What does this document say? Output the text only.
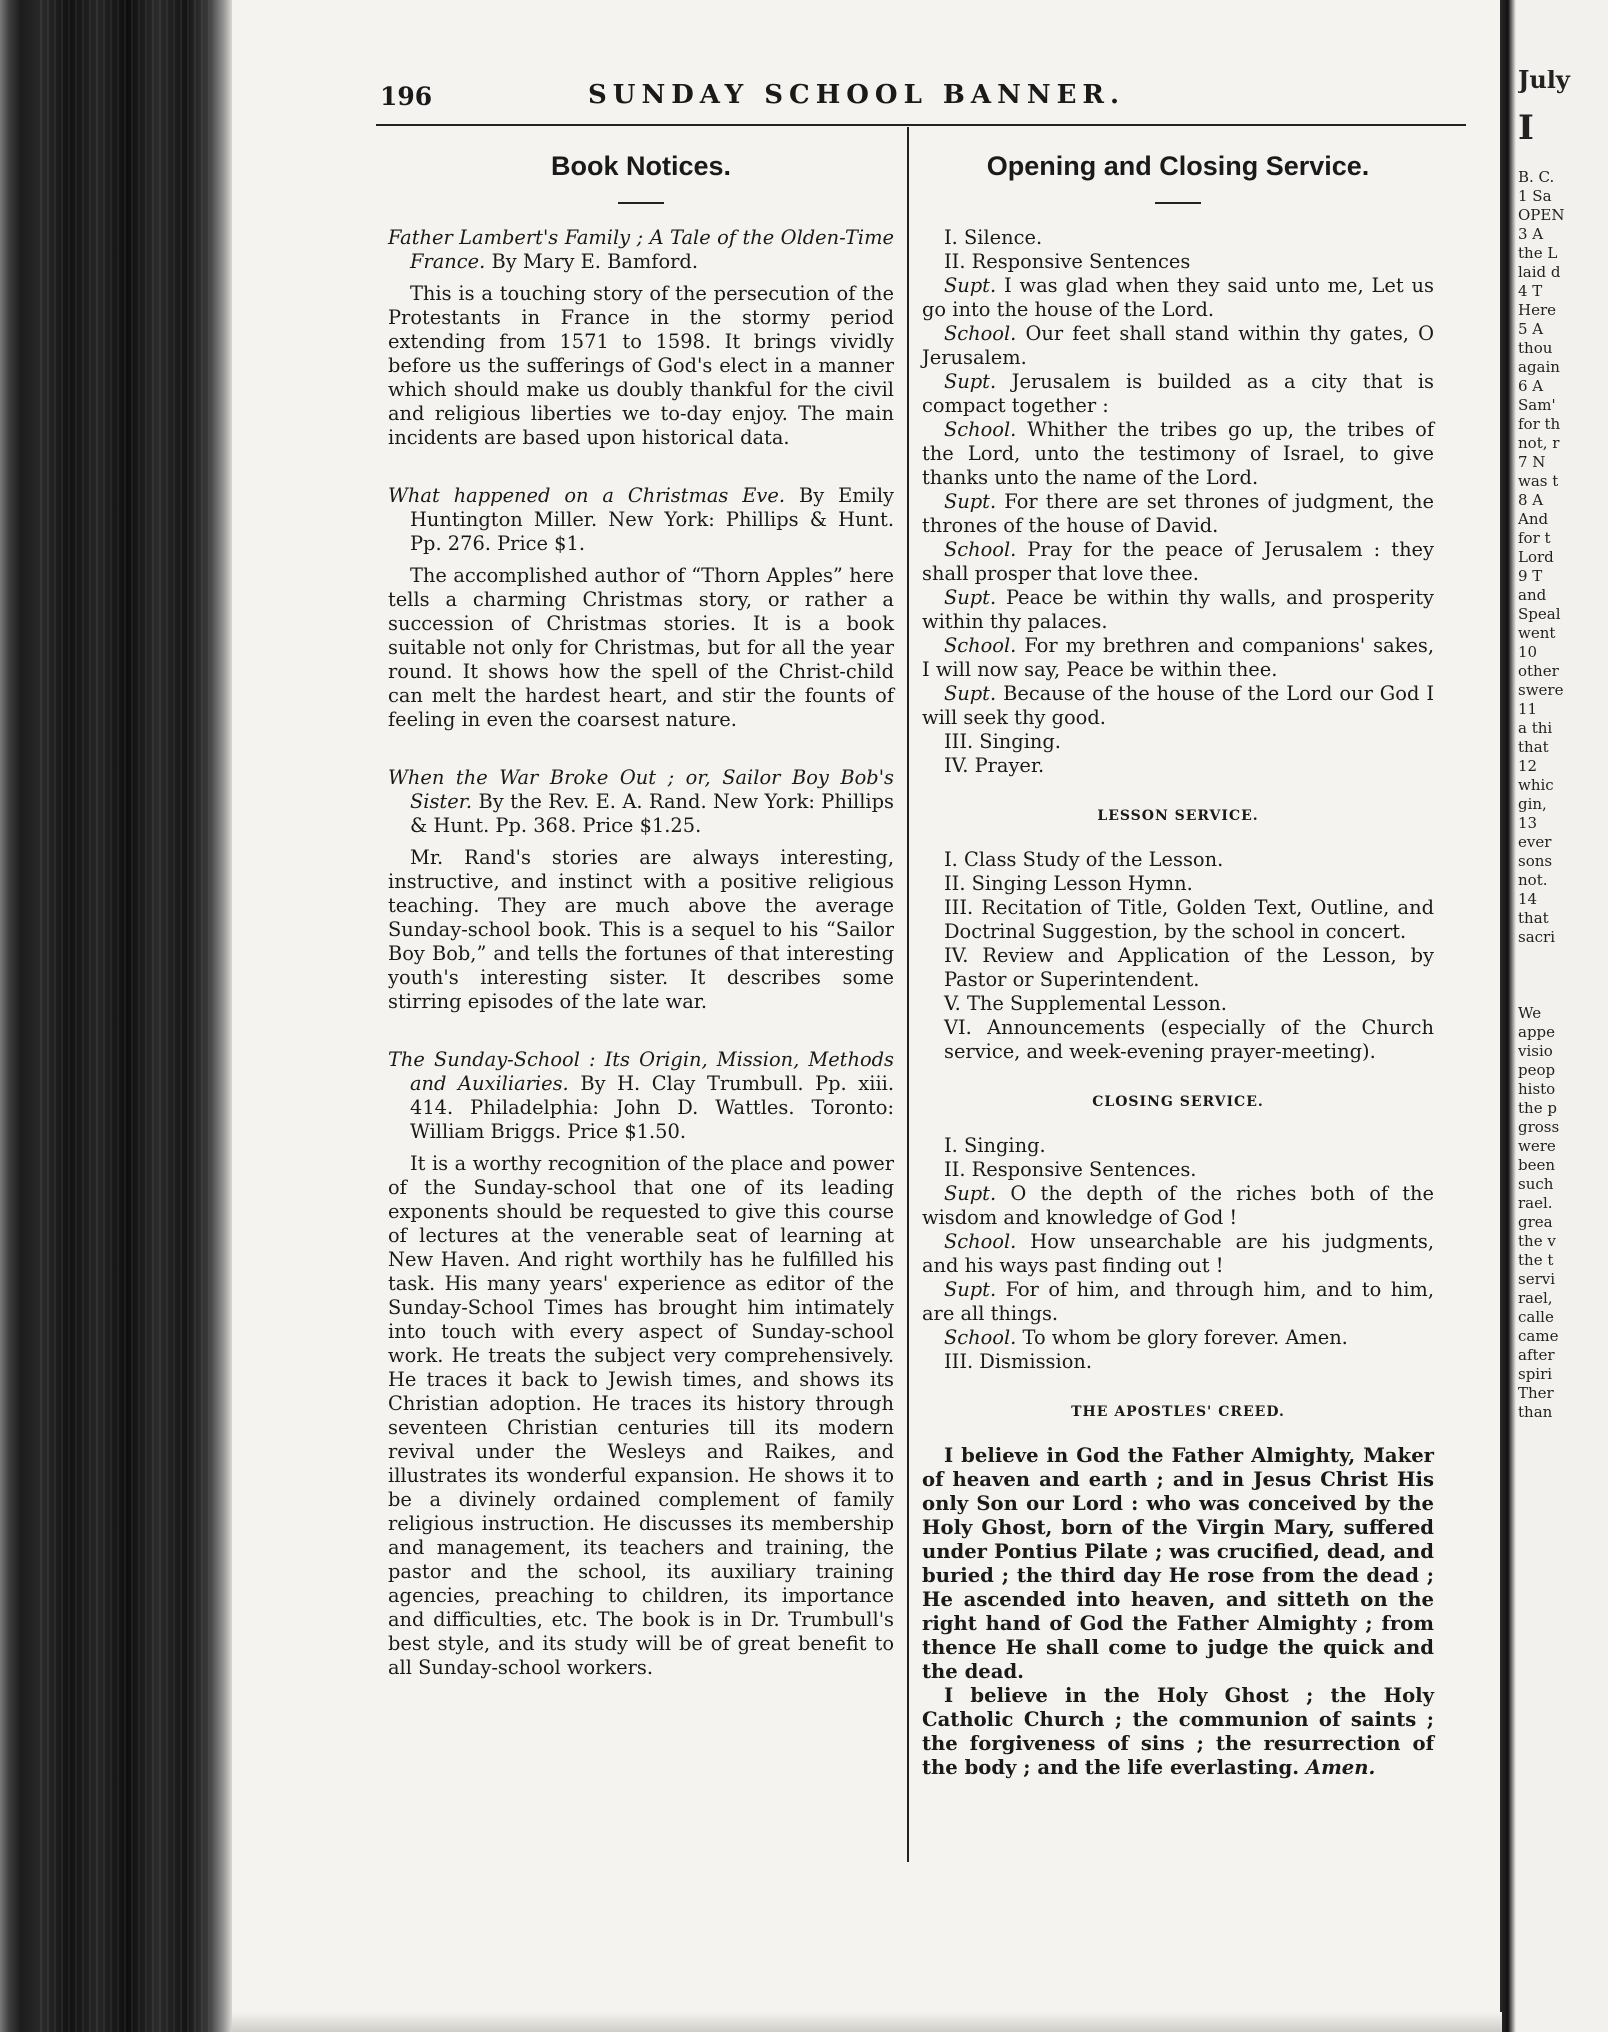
196	SUNDAY SCHOOL BANNER.
Book Notices.

Father Lambert's Family ; A Tale of the Olden-Time France. By Mary E. Bamford.

This is a touching story of the persecution of the Protestants in France in the stormy period extending from 1571 to 1598. It brings vividly before us the sufferings of God's elect in a manner which should make us doubly thankful for the civil and religious liberties we to-day enjoy. The main incidents are based upon historical data.

What happened on a Christmas Eve. By Emily Huntington Miller. New York: Phillips & Hunt. Pp. 276. Price $1.

The accomplished author of “Thorn Apples” here tells a charming Christmas story, or rather a succession of Christmas stories. It is a book suitable not only for Christmas, but for all the year round. It shows how the spell of the Christ-child can melt the hardest heart, and stir the founts of feeling in even the coarsest nature.

When the War Broke Out ; or, Sailor Boy Bob's Sister. By the Rev. E. A. Rand. New York: Phillips & Hunt. Pp. 368. Price $1.25.

Mr. Rand's stories are always interesting, instructive, and instinct with a positive religious teaching. They are much above the average Sunday-school book. This is a sequel to his “Sailor Boy Bob,” and tells the fortunes of that interesting youth's interesting sister. It describes some stirring episodes of the late war.

The Sunday-School : Its Origin, Mission, Methods and Auxiliaries. By H. Clay Trumbull. Pp. xiii. 414. Philadelphia: John D. Wattles. Toronto: William Briggs. Price $1.50.

It is a worthy recognition of the place and power of the Sunday-school that one of its leading exponents should be requested to give this course of lectures at the venerable seat of learning at New Haven. And right worthily has he fulfilled his task. His many years' experience as editor of the Sunday-School Times has brought him intimately into touch with every aspect of Sunday-school work. He treats the subject very comprehensively. He traces it back to Jewish times, and shows its Christian adoption. He traces its history through seventeen Christian centuries till its modern revival under the Wesleys and Raikes, and illustrates its wonderful expansion. He shows it to be a divinely ordained complement of family religious instruction. He discusses its membership and management, its teachers and training, the pastor and the school, its auxiliary training agencies, preaching to children, its importance and difficulties, etc. The book is in Dr. Trumbull's best style, and its study will be of great benefit to all Sunday-school workers.

Opening and Closing Service.

I. Silence.

II. Responsive Sentences

Supt. I was glad when they said unto me, Let us go into the house of the Lord.

School. Our feet shall stand within thy gates, O Jerusalem.

Supt. Jerusalem is builded as a city that is compact together :

School. Whither the tribes go up, the tribes of the Lord, unto the testimony of Israel, to give thanks unto the name of the Lord.

Supt. For there are set thrones of judgment, the thrones of the house of David.

School. Pray for the peace of Jerusalem : they shall prosper that love thee.

Supt. Peace be within thy walls, and prosperity within thy palaces.

School. For my brethren and companions' sakes, I will now say, Peace be within thee.

Supt. Because of the house of the Lord our God I will seek thy good.

III. Singing.

IV. Prayer.

LESSON SERVICE.

I. Class Study of the Lesson.

II. Singing Lesson Hymn.

III. Recitation of Title, Golden Text, Outline, and Doctrinal Suggestion, by the school in concert.

IV. Review and Application of the Lesson, by Pastor or Superintendent.

V. The Supplemental Lesson.

VI. Announcements (especially of the Church service, and week-evening prayer-meeting).

CLOSING SERVICE.

I. Singing.

II. Responsive Sentences.

Supt. O the depth of the riches both of the wisdom and knowledge of God !

School. How unsearchable are his judgments, and his ways past finding out !

Supt. For of him, and through him, and to him, are all things.

School. To whom be glory forever. Amen.

III. Dismission.

THE APOSTLES' CREED.

I believe in God the Father Almighty, Maker of heaven and earth ; and in Jesus Christ His only Son our Lord : who was conceived by the Holy Ghost, born of the Virgin Mary, suffered under Pontius Pilate ; was crucified, dead, and buried ; the third day He rose from the dead ; He ascended into heaven, and sitteth on the right hand of God the Father Almighty ; from thence He shall come to judge the quick and the dead.

I believe in the Holy Ghost ; the Holy Catholic Church ; the communion of saints ; the forgiveness of sins ; the resurrection of the body ; and the life everlasting. Amen.

July
I
B. C.
1 Sa
OPEN
3 A
the L
laid d
4 T
Here
5 A
thou
again
6 A
Sam'
for th
not, r
7 N
was t
8 A
And
for t
Lord
9 T
and
Speal
went
10
other
swere
11
a thi
that
12
whic
gin,
13
ever
sons
not.
14
that
sacri
We
appe
visio
peop
histo
the p
gross
were
been
such
rael.
grea
the v
the t
servi
rael,
calle
came
after
spiri
Ther
than
